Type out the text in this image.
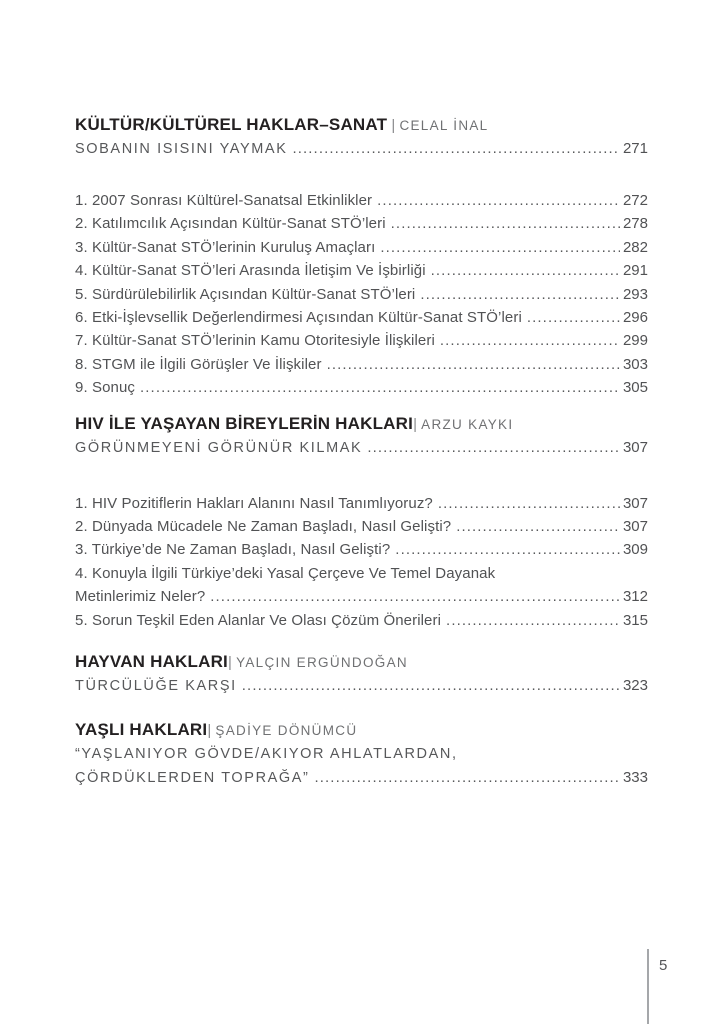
KÜLTÜR/KÜLTÜREL HAKLAR–SANAT | CELAL İNAL
SOBANIN ISISINI YAYMAK .....	271
1. 2007 Sonrası Kültürel-Sanatsal Etkinlikler .....	272
2. Katılımcılık Açısından Kültür-Sanat STÖ’leri .....	278
3. Kültür-Sanat STÖ’lerinin Kuruluş Amaçları .....	282
4. Kültür-Sanat STÖ’leri Arasında İletişim Ve İşbirliği .....	291
5. Sürdürülebilirlik Açısından Kültür-Sanat STÖ’leri .....	293
6. Etki-İşlevsellik Değerlendirmesi Açısından Kültür-Sanat STÖ’leri .....	296
7. Kültür-Sanat STÖ’lerinin Kamu Otoritesiyle İlişkileri .....	299
8. STGM ile İlgili Görüşler Ve İlişkiler .....	303
9. Sonuç .....	305
HIV İLE YAŞAYAN BİREYLERİN HAKLARI| ARZU KAYKI
GÖRÜNMEYENİ GÖRÜNÜR KILMAK .....	307
1. HIV Pozitiflerin Hakları Alanını Nasıl Tanımlıyoruz? .....	307
2. Dünyada Mücadele Ne Zaman Başladı, Nasıl Gelişti? .....	307
3. Türkiye’de Ne Zaman Başladı, Nasıl Gelişti? .....	309
4. Konuyla İlgili Türkiye’deki Yasal Çerçeve Ve Temel Dayanak
Metinlerimiz Neler? .....	312
5. Sorun Teşkil Eden Alanlar Ve Olası Çözüm Önerileri .....	315
HAYVAN HAKLARI| YALÇIN ERGÜNDOĞAN
TÜRCÜLÜĞE KARŞI .....	323
YAŞLI HAKLARI| ŞADİYE DÖNÜMCÜ
“YAŞLANIYOR GÖVDE/AKIYOR AHLATLARDAN,
ÇÖRDÜKLERDEN TOPRAĞA” .....	333
5
